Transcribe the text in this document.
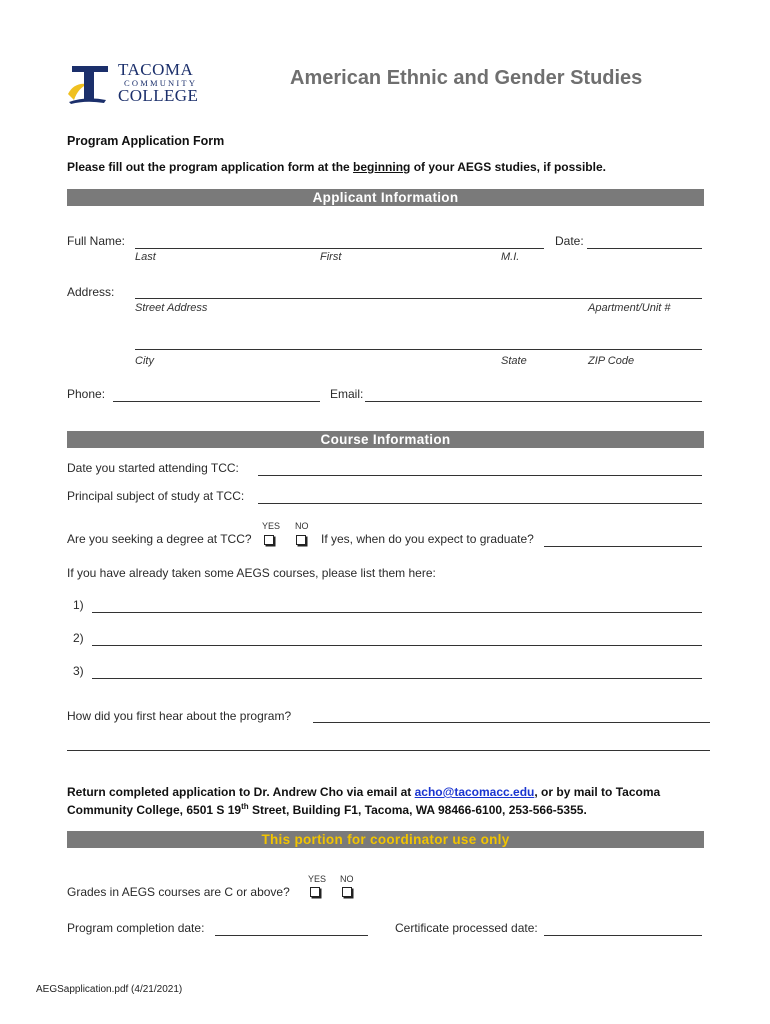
TACOMA
COMMUNITY
COLLEGE
American Ethnic and Gender Studies
Program Application Form
Please fill out the program application form at the beginning of your AEGS studies, if possible.
Applicant Information
Full Name:	Date:
Last	First	M.I.
Address:
Street Address	Apartment/Unit #
City	State	ZIP Code
Phone:	Email:
Course Information
Date you started attending TCC:
Principal subject of study at TCC:
YES NO
Are you seeking a degree at TCC?	If yes, when do you expect to graduate?
If you have already taken some AEGS courses, please list them here:
1)
2)
3)
How did you first hear about the program?
Return completed application to Dr. Andrew Cho via email at acho@tacomacc.edu, or by mail to Tacoma
Community College, 6501 S 19th Street, Building F1, Tacoma, WA 98466-6100, 253-566-5355.
This portion for coordinator use only
YES NO
Grades in AEGS courses are C or above?
Program completion date:	Certificate processed date:
AEGSapplication.pdf (4/21/2021)
